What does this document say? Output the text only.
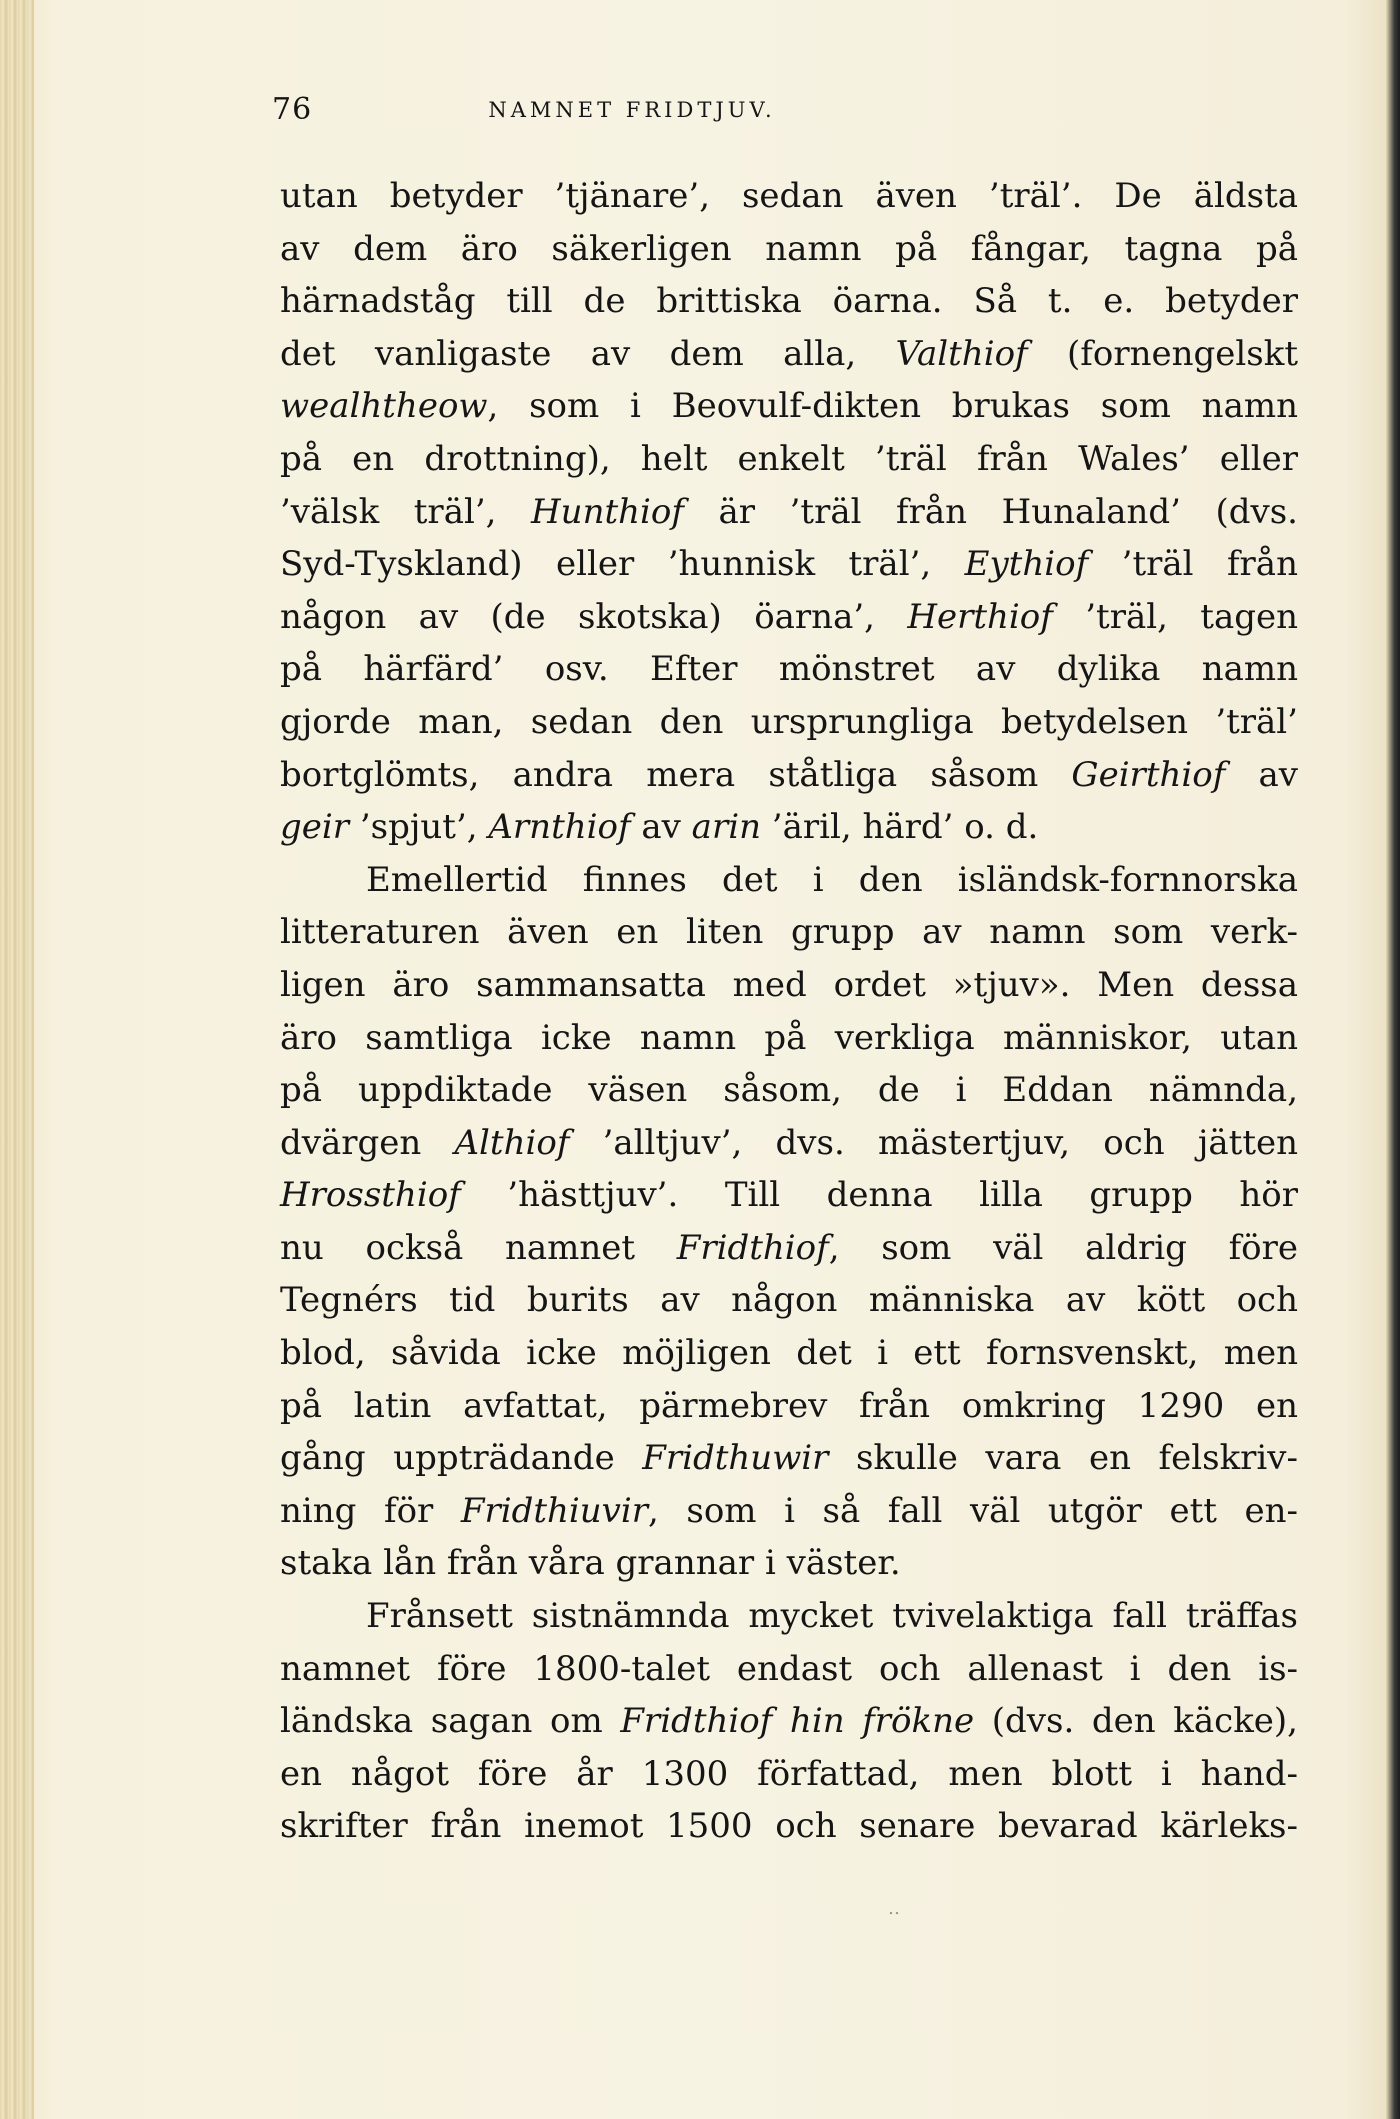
76	NAMNET FRIDTJUV.
utan betyder ’tjänare’, sedan även ’träl’. De äldsta
av dem äro säkerligen namn på fångar, tagna på
härnadståg till de brittiska öarna. Så t. e. betyder
det vanligaste av dem alla, Valthiof (fornengelskt
wealhtheow, som i Beovulf-dikten brukas som namn
på en drottning), helt enkelt ’träl från Wales’ eller
’välsk träl’, Hunthiof är ’träl från Hunaland’ (dvs.
Syd-Tyskland) eller ’hunnisk träl’, Eythiof ’träl från
någon av (de skotska) öarna’, Herthiof ’träl, tagen
på härfärd’ osv. Efter mönstret av dylika namn
gjorde man, sedan den ursprungliga betydelsen ’träl’
bortglömts, andra mera ståtliga såsom Geirthiof av
geir ’spjut’, Arnthiof av arin ’äril, härd’ o. d.
Emellertid finnes det i den isländsk-fornnorska
litteraturen även en liten grupp av namn som verk-
ligen äro sammansatta med ordet »tjuv». Men dessa
äro samtliga icke namn på verkliga människor, utan
på uppdiktade väsen såsom, de i Eddan nämnda,
dvärgen Althiof ’alltjuv’, dvs. mästertjuv, och jätten
Hrossthiof ’hästtjuv’. Till denna lilla grupp hör
nu också namnet Fridthiof, som väl aldrig före
Tegnérs tid burits av någon människa av kött och
blod, såvida icke möjligen det i ett fornsvenskt, men
på latin avfattat, pärmebrev från omkring 1290 en
gång uppträdande Fridthuwir skulle vara en felskriv-
ning för Fridthiuvir, som i så fall väl utgör ett en-
staka lån från våra grannar i väster.
Frånsett sistnämnda mycket tvivelaktiga fall träffas
namnet före 1800-talet endast och allenast i den is-
ländska sagan om Fridthiof hin frökne (dvs. den käcke),
en något före år 1300 författad, men blott i hand-
skrifter från inemot 1500 och senare bevarad kärleks-
‥
